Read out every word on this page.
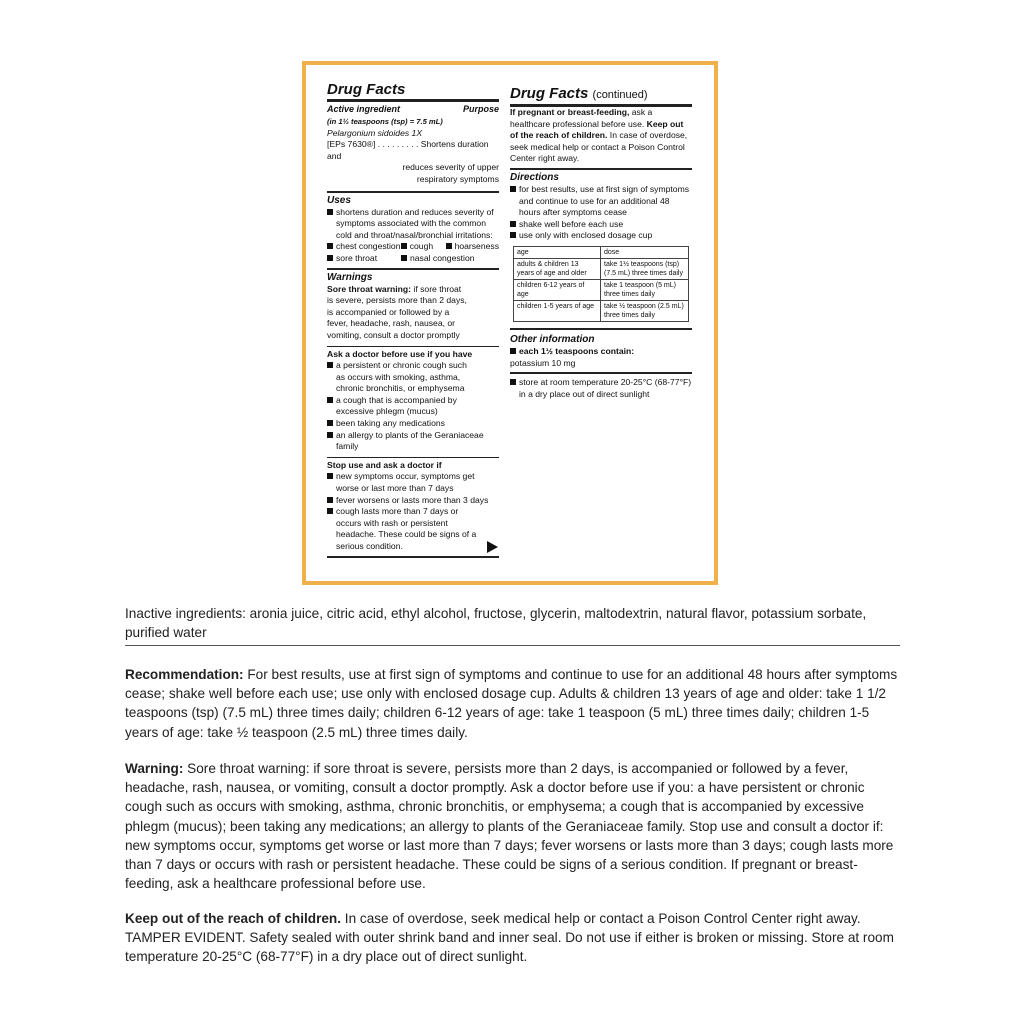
Drug Facts
Active ingredient	Purpose
(in 1½ teaspoons (tsp) = 7.5 mL)
Pelargonium sidoides 1X
[EPs 7630®] . . . . . . . . . Shortens duration and
reduces severity of upper
respiratory symptoms
Uses
shortens duration and reduces severity of symptoms associated with the common cold and throat/nasal/bronchial irritations:
chest congestion cough hoarseness
sore throat	nasal congestion
Warnings
Sore throat warning: if sore throat is severe, persists more than 2 days, is accompanied or followed by a fever, headache, rash, nausea, or vomiting, consult a doctor promptly
Ask a doctor before use if you have
a persistent or chronic cough such as occurs with smoking, asthma, chronic bronchitis, or emphysema
a cough that is accompanied by excessive phlegm (mucus)
been taking any medications
an allergy to plants of the Geraniaceae family
Stop use and ask a doctor if
new symptoms occur, symptoms get worse or last more than 7 days
fever worsens or lasts more than 3 days
cough lasts more than 7 days or occurs with rash or persistent headache. These could be signs of a serious condition.
Drug Facts (continued)
If pregnant or breast-feeding, ask a healthcare professional before use. Keep out of the reach of children. In case of overdose, seek medical help or contact a Poison Control Center right away.
Directions
for best results, use at first sign of symptoms and continue to use for an additional 48 hours after symptoms cease
shake well before each use
use only with enclosed dosage cup
age	dose
adults & children 13 years of age and older	take 1½ teaspoons (tsp) (7.5 mL) three times daily
children 6-12 years of age	take 1 teaspoon (5 mL) three times daily
children 1-5 years of age	take ½ teaspoon (2.5 mL) three times daily
Other information
each 1½ teaspoons contain:
potassium 10 mg
store at room temperature 20-25°C (68-77°F) in a dry place out of direct sunlight
Inactive ingredients: aronia juice, citric acid, ethyl alcohol, fructose, glycerin, maltodextrin, natural flavor, potassium sorbate, purified water
Recommendation: For best results, use at first sign of symptoms and continue to use for an additional 48 hours after symptoms cease; shake well before each use; use only with enclosed dosage cup. Adults & children 13 years of age and older: take 1 1/2 teaspoons (tsp) (7.5 mL) three times daily; children 6-12 years of age: take 1 teaspoon (5 mL) three times daily; children 1-5 years of age: take ½ teaspoon (2.5 mL) three times daily.
Warning: Sore throat warning: if sore throat is severe, persists more than 2 days, is accompanied or followed by a fever, headache, rash, nausea, or vomiting, consult a doctor promptly. Ask a doctor before use if you: a have persistent or chronic cough such as occurs with smoking, asthma, chronic bronchitis, or emphysema; a cough that is accompanied by excessive phlegm (mucus); been taking any medications; an allergy to plants of the Geraniaceae family. Stop use and consult a doctor if: new symptoms occur, symptoms get worse or last more than 7 days; fever worsens or lasts more than 3 days; cough lasts more than 7 days or occurs with rash or persistent headache. These could be signs of a serious condition. If pregnant or breast-feeding, ask a healthcare professional before use.
Keep out of the reach of children. In case of overdose, seek medical help or contact a Poison Control Center right away. TAMPER EVIDENT. Safety sealed with outer shrink band and inner seal. Do not use if either is broken or missing. Store at room temperature 20-25°C (68-77°F) in a dry place out of direct sunlight.
